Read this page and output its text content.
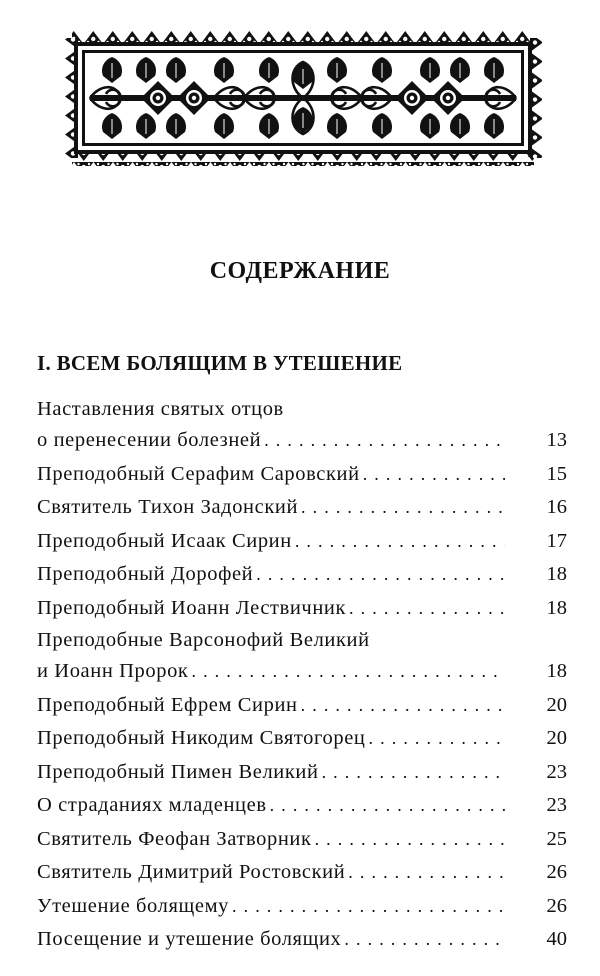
СОДЕРЖАНИЕ
I. ВСЕМ БОЛЯЩИМ В УТЕШЕНИЕ
Наставления святых отцов
о перенесении болезней . . .	13
Преподобный Серафим Саровский . . .	15
Святитель Тихон Задонский . . .	16
Преподобный Исаак Сирин . . .	17
Преподобный Дорофей . . .	18
Преподобный Иоанн Лествичник . . .	18
Преподобные Варсонофий Великий
и Иоанн Пророк . . .	18
Преподобный Ефрем Сирин . . .	20
Преподобный Никодим Святогорец . . .	20
Преподобный Пимен Великий . . .	23
О страданиях младенцев . . .	23
Святитель Феофан Затворник . . .	25
Святитель Димитрий Ростовский . . .	26
Утешение болящему . . .	26
Посещение и утешение болящих . . .	40
